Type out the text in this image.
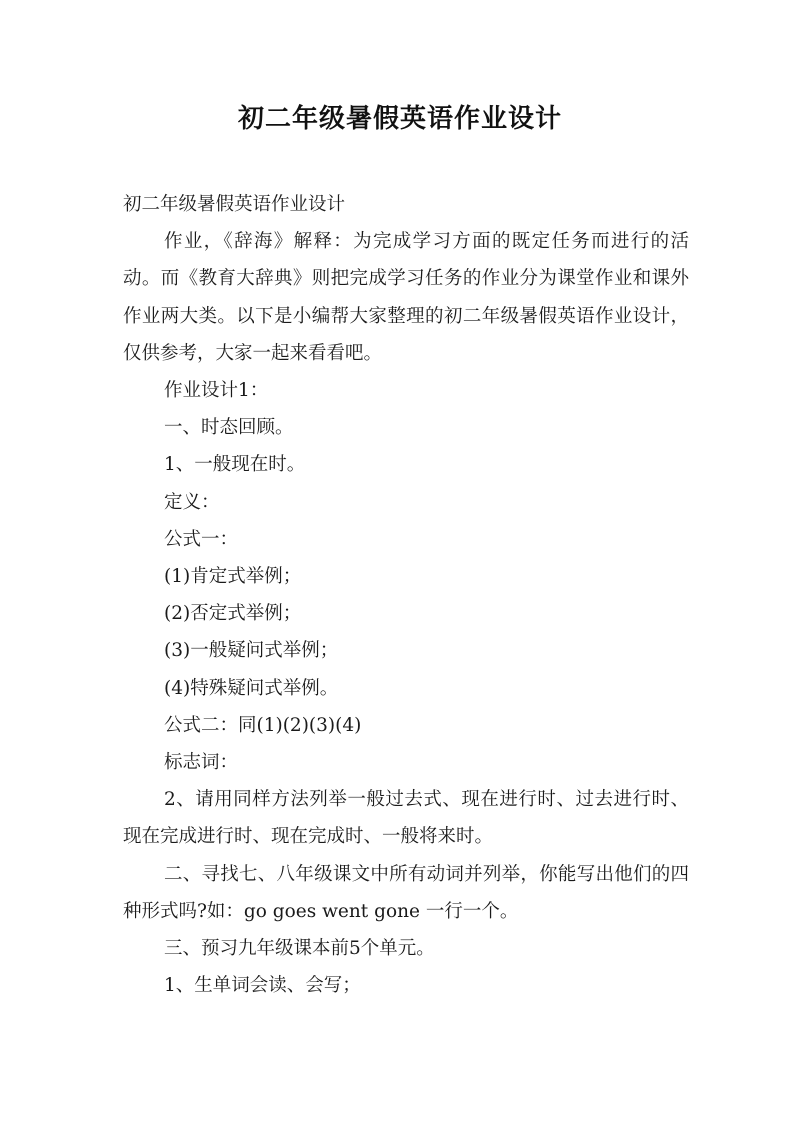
初二年级暑假英语作业设计

初二年级暑假英语作业设计

作业，《辞海》解释：为完成学习方面的既定任务而进行的活动。而《教育大辞典》则把完成学习任务的作业分为课堂作业和课外作业两大类。以下是小编帮大家整理的初二年级暑假英语作业设计，仅供参考，大家一起来看看吧。

作业设计1：

一、时态回顾。

1、一般现在时。

定义：

公式一：

(1)肯定式举例；

(2)否定式举例；

(3)一般疑问式举例；

(4)特殊疑问式举例。

公式二：同(1)(2)(3)(4)

标志词：

2、请用同样方法列举一般过去式、现在进行时、过去进行时、现在完成进行时、现在完成时、一般将来时。

二、寻找七、八年级课文中所有动词并列举，你能写出他们的四种形式吗?如：go goes went gone 一行一个。

三、预习九年级课本前5个单元。

1、生单词会读、会写；
